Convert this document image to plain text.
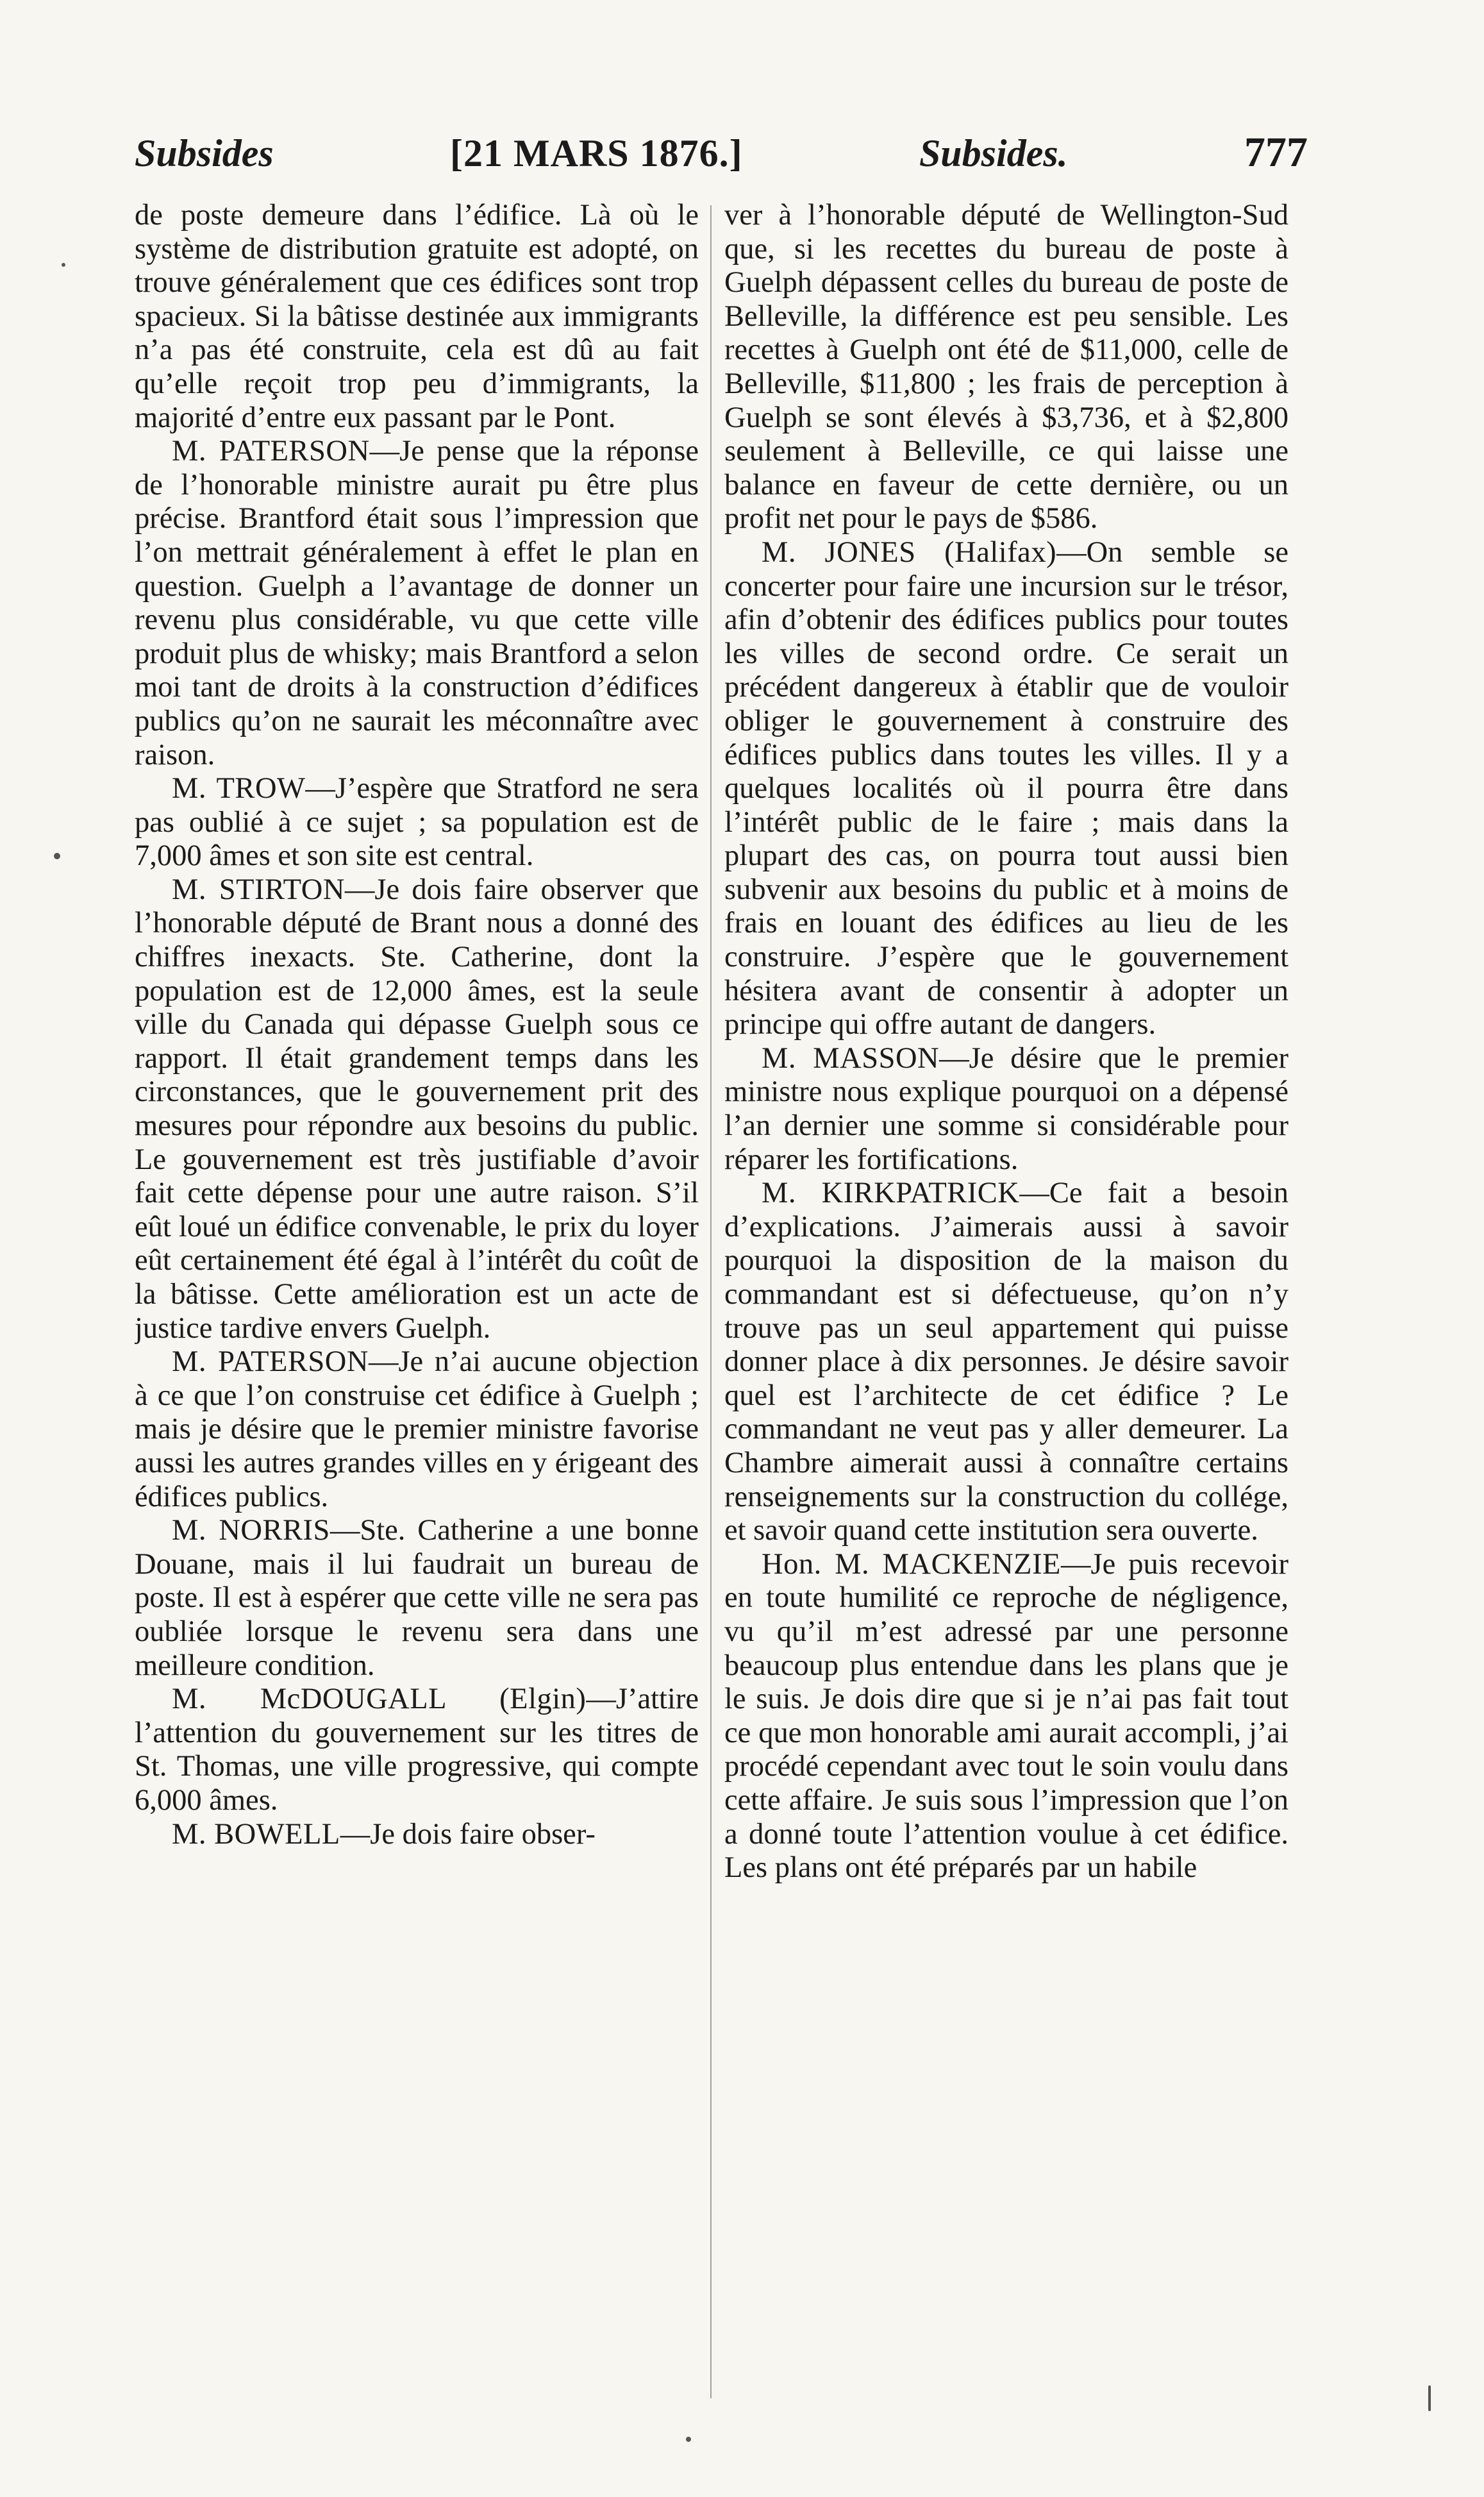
Subsides	[21 MARS 1876.]	Subsides.	777

de poste demeure dans l’édifice. Là où le système de distribution gratuite est adopté, on trouve généralement que ces édifices sont trop spacieux. Si la bâtisse destinée aux immigrants n’a pas été construite, cela est dû au fait qu’elle reçoit trop peu d’immigrants, la majorité d’entre eux passant par le Pont.

M. PATERSON—Je pense que la réponse de l’honorable ministre aurait pu être plus précise. Brantford était sous l’impression que l’on mettrait généralement à effet le plan en question. Guelph a l’avantage de donner un revenu plus considérable, vu que cette ville produit plus de whisky; mais Brantford a selon moi tant de droits à la construction d’édifices publics qu’on ne saurait les méconnaître avec raison.

M. TROW—J’espère que Stratford ne sera pas oublié à ce sujet ; sa population est de 7,000 âmes et son site est central.

M. STIRTON—Je dois faire observer que l’honorable député de Brant nous a donné des chiffres inexacts. Ste. Catherine, dont la population est de 12,000 âmes, est la seule ville du Canada qui dépasse Guelph sous ce rapport. Il était grandement temps dans les circonstances, que le gouvernement prit des mesures pour répondre aux besoins du public. Le gouvernement est très justifiable d’avoir fait cette dépense pour une autre raison. S’il eût loué un édifice convenable, le prix du loyer eût certainement été égal à l’intérêt du coût de la bâtisse. Cette amélioration est un acte de justice tardive envers Guelph.

M. PATERSON—Je n’ai aucune objection à ce que l’on construise cet édifice à Guelph ; mais je désire que le premier ministre favorise aussi les autres grandes villes en y érigeant des édifices publics.

M. NORRIS—Ste. Catherine a une bonne Douane, mais il lui faudrait un bureau de poste. Il est à espérer que cette ville ne sera pas oubliée lorsque le revenu sera dans une meilleure condition.

M. McDOUGALL (Elgin)—J’attire l’attention du gouvernement sur les titres de St. Thomas, une ville progressive, qui compte 6,000 âmes.

M. BOWELL—Je dois faire obser-

ver à l’honorable député de Wellington-Sud que, si les recettes du bureau de poste à Guelph dépassent celles du bureau de poste de Belleville, la différence est peu sensible. Les recettes à Guelph ont été de $11,000, celle de Belleville, $11,800 ; les frais de perception à Guelph se sont élevés à $3,736, et à $2,800 seulement à Belleville, ce qui laisse une balance en faveur de cette dernière, ou un profit net pour le pays de $586.

M. JONES (Halifax)—On semble se concerter pour faire une incursion sur le trésor, afin d’obtenir des édifices publics pour toutes les villes de second ordre. Ce serait un précédent dangereux à établir que de vouloir obliger le gouvernement à construire des édifices publics dans toutes les villes. Il y a quelques localités où il pourra être dans l’intérêt public de le faire ; mais dans la plupart des cas, on pourra tout aussi bien subvenir aux besoins du public et à moins de frais en louant des édifices au lieu de les construire. J’espère que le gouvernement hésitera avant de consentir à adopter un principe qui offre autant de dangers.

M. MASSON—Je désire que le premier ministre nous explique pourquoi on a dépensé l’an dernier une somme si considérable pour réparer les fortifications.

M. KIRKPATRICK—Ce fait a besoin d’explications. J’aimerais aussi à savoir pourquoi la disposition de la maison du commandant est si défectueuse, qu’on n’y trouve pas un seul appartement qui puisse donner place à dix personnes. Je désire savoir quel est l’architecte de cet édifice ? Le commandant ne veut pas y aller demeurer. La Chambre aimerait aussi à connaître certains renseignements sur la construction du collége, et savoir quand cette institution sera ouverte.

Hon. M. MACKENZIE—Je puis recevoir en toute humilité ce reproche de négligence, vu qu’il m’est adressé par une personne beaucoup plus entendue dans les plans que je le suis. Je dois dire que si je n’ai pas fait tout ce que mon honorable ami aurait accompli, j’ai procédé cependant avec tout le soin voulu dans cette affaire. Je suis sous l’impression que l’on a donné toute l’attention voulue à cet édifice. Les plans ont été préparés par un habile
